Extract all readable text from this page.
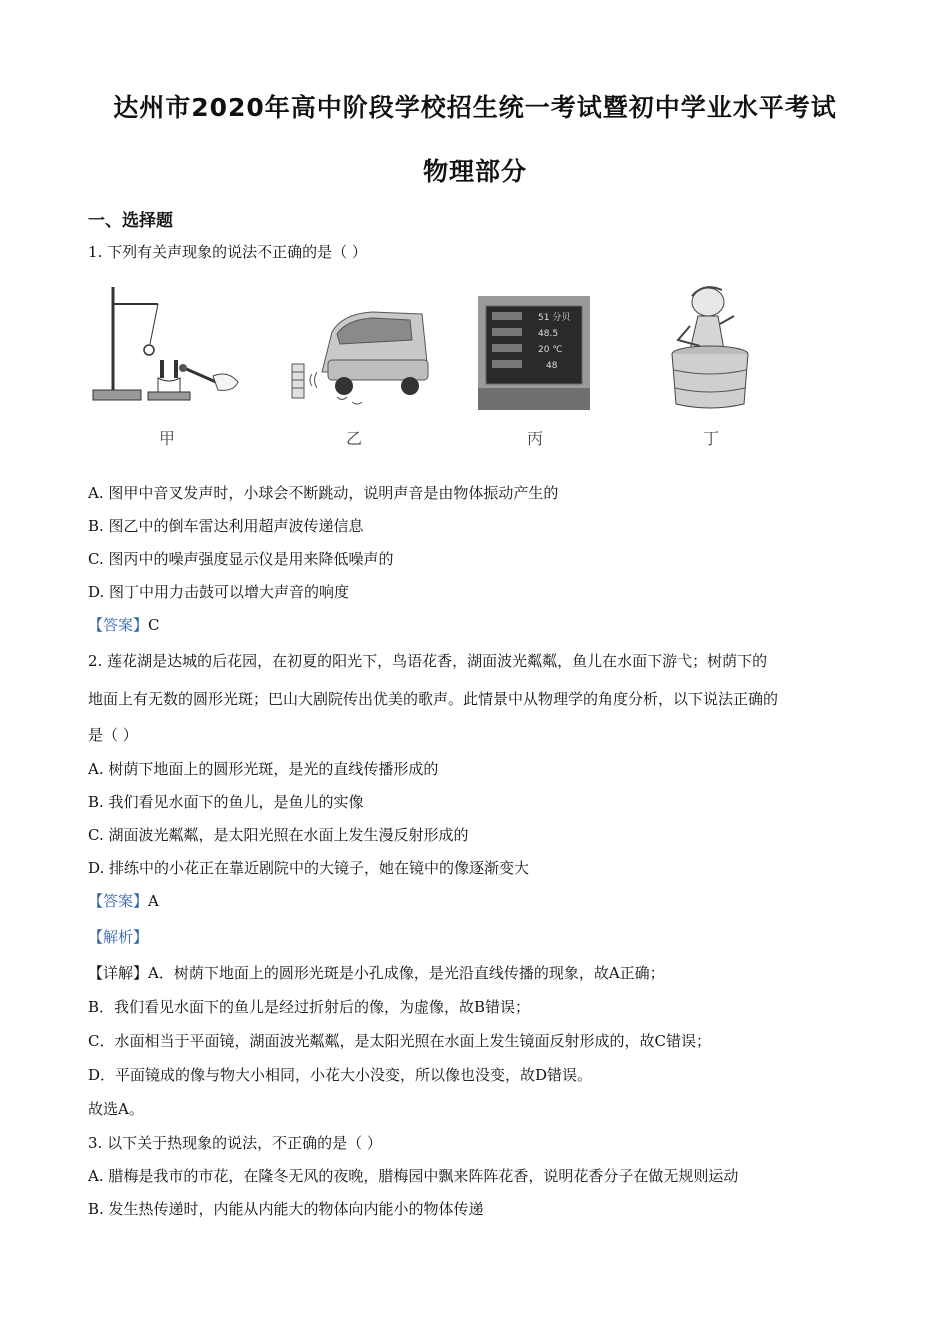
达州市2020年高中阶段学校招生统一考试暨初中学业水平考试
物理部分
一、选择题
1. 下列有关声现象的说法不正确的是（ ）
甲	乙
51 分贝
48.5
20 ℃
48
丙	丁
A. 图甲中音叉发声时，小球会不断跳动，说明声音是由物体振动产生的
B. 图乙中的倒车雷达利用超声波传递信息
C. 图丙中的噪声强度显示仪是用来降低噪声的
D. 图丁中用力击鼓可以增大声音的响度
【答案】C
2. 莲花湖是达城的后花园，在初夏的阳光下，鸟语花香，湖面波光粼粼，鱼儿在水面下游弋；树荫下的
地面上有无数的圆形光斑；巴山大剧院传出优美的歌声。此情景中从物理学的角度分析，以下说法正确的
是（ ）
A. 树荫下地面上的圆形光斑，是光的直线传播形成的
B. 我们看见水面下的鱼儿，是鱼儿的实像
C. 湖面波光粼粼，是太阳光照在水面上发生漫反射形成的
D. 排练中的小花正在靠近剧院中的大镜子，她在镜中的像逐渐变大
【答案】A
【解析】
【详解】A．树荫下地面上的圆形光斑是小孔成像，是光沿直线传播的现象，故A正确；
B．我们看见水面下的鱼儿是经过折射后的像，为虚像，故B错误；
C．水面相当于平面镜，湖面波光粼粼，是太阳光照在水面上发生镜面反射形成的，故C错误；
D．平面镜成的像与物大小相同，小花大小没变，所以像也没变，故D错误。
故选A。
3. 以下关于热现象的说法，不正确的是（ ）
A. 腊梅是我市的市花，在隆冬无风的夜晚，腊梅园中飘来阵阵花香，说明花香分子在做无规则运动
B. 发生热传递时，内能从内能大的物体向内能小的物体传递
